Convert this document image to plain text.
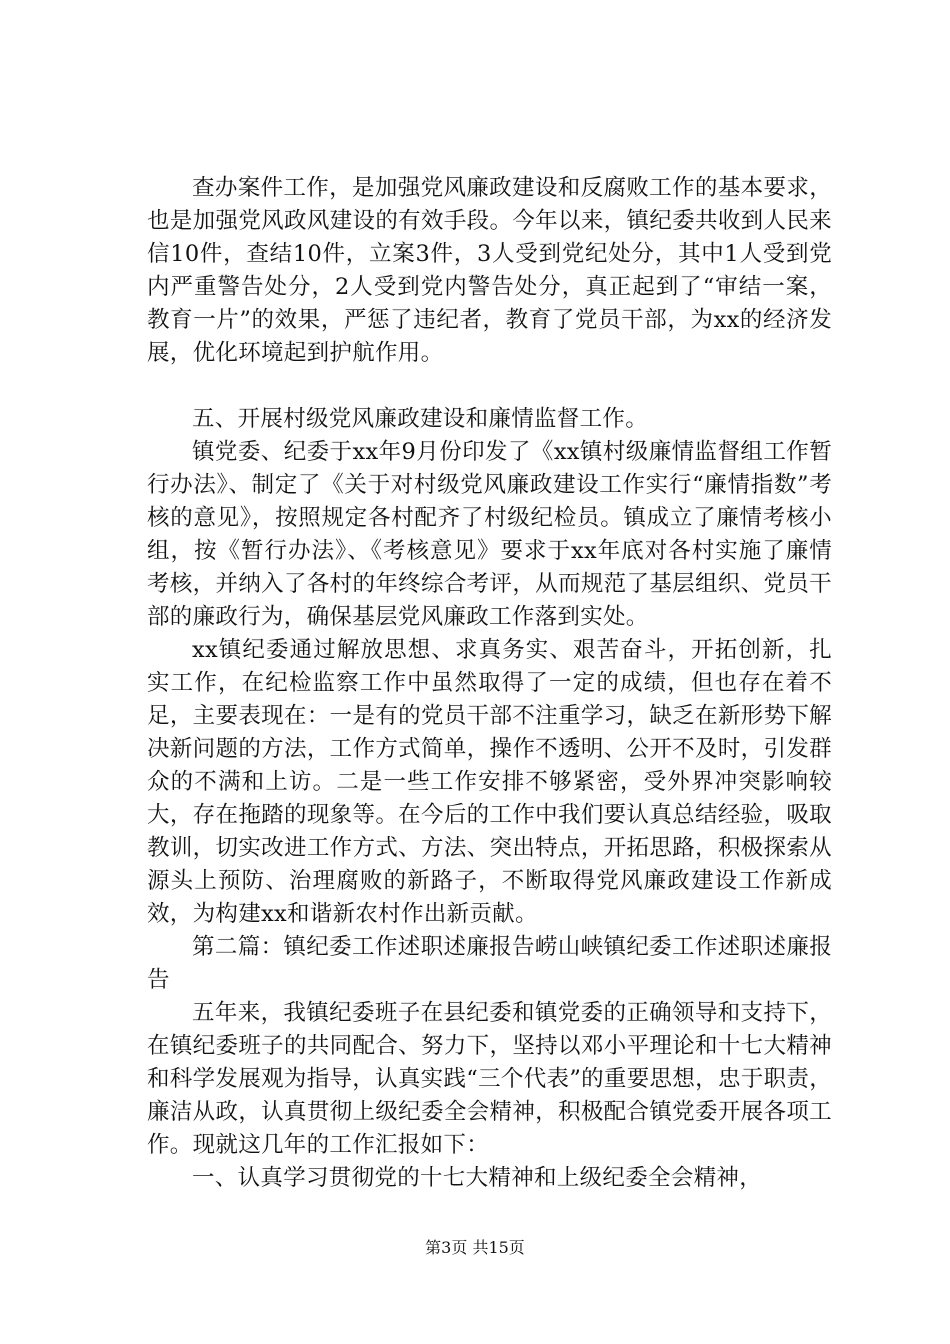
查办案件工作，是加强党风廉政建设和反腐败工作的基本要求，也是加强党风政风建设的有效手段。今年以来，镇纪委共收到人民来信10件，查结10件，立案3件，3人受到党纪处分，其中1人受到党内严重警告处分，2人受到党内警告处分，真正起到了“审结一案，教育一片”的效果，严惩了违纪者，教育了党员干部，为xx的经济发展，优化环境起到护航作用。

五、开展村级党风廉政建设和廉情监督工作。

镇党委、纪委于xx年9月份印发了《xx镇村级廉情监督组工作暂行办法》、制定了《关于对村级党风廉政建设工作实行“廉情指数”考核的意见》，按照规定各村配齐了村级纪检员。镇成立了廉情考核小组，按《暂行办法》、《考核意见》要求于xx年底对各村实施了廉情考核，并纳入了各村的年终综合考评，从而规范了基层组织、党员干部的廉政行为，确保基层党风廉政工作落到实处。

xx镇纪委通过解放思想、求真务实、艰苦奋斗，开拓创新，扎实工作，在纪检监察工作中虽然取得了一定的成绩，但也存在着不足，主要表现在：一是有的党员干部不注重学习，缺乏在新形势下解决新问题的方法，工作方式简单，操作不透明、公开不及时，引发群众的不满和上访。二是一些工作安排不够紧密，受外界冲突影响较大，存在拖踏的现象等。在今后的工作中我们要认真总结经验，吸取教训，切实改进工作方式、方法、突出特点，开拓思路，积极探索从源头上预防、治理腐败的新路子，不断取得党风廉政建设工作新成效，为构建xx和谐新农村作出新贡献。

第二篇：镇纪委工作述职述廉报告崂山峡镇纪委工作述职述廉报告

五年来，我镇纪委班子在县纪委和镇党委的正确领导和支持下，在镇纪委班子的共同配合、努力下，坚持以邓小平理论和十七大精神和科学发展观为指导，认真实践“三个代表”的重要思想，忠于职责，廉洁从政，认真贯彻上级纪委全会精神，积极配合镇党委开展各项工作。现就这几年的工作汇报如下：

一、认真学习贯彻党的十七大精神和上级纪委全会精神，

第3页 共15页
